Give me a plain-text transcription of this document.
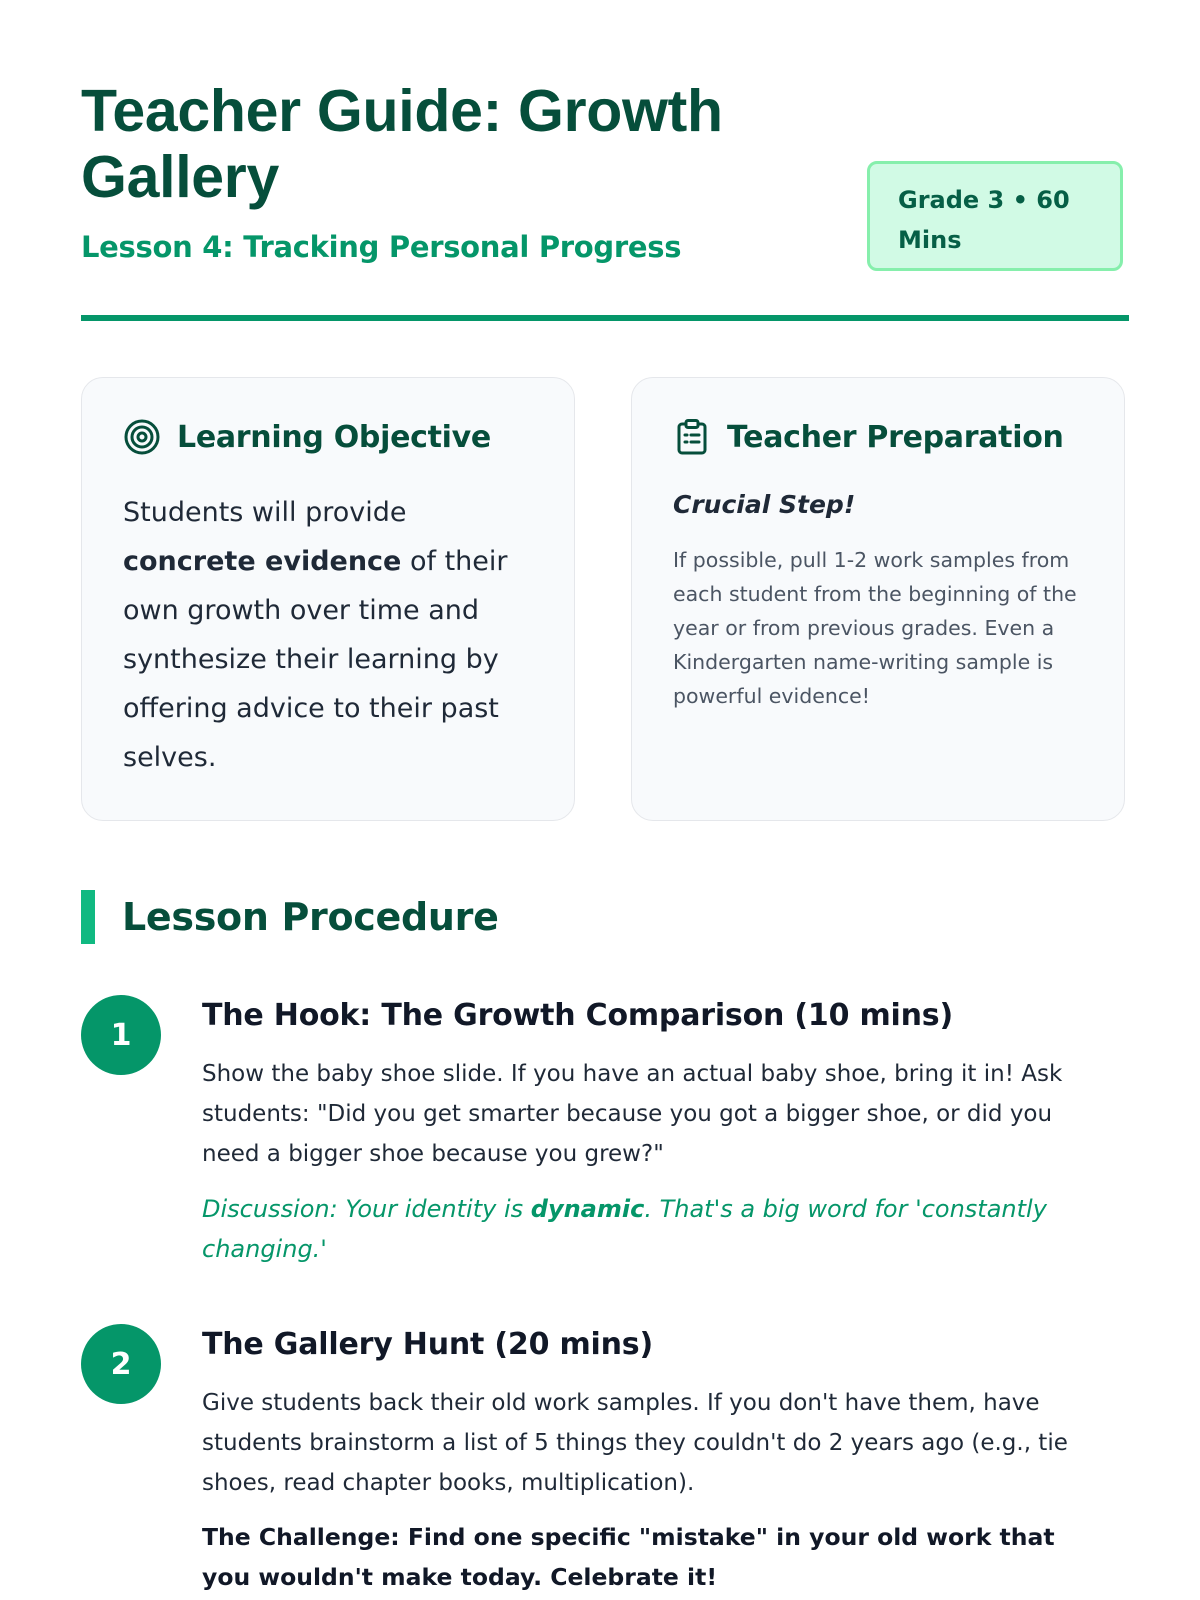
Teacher Guide: Growth Gallery
Lesson 4: Tracking Personal Progress
Grade 3 • 60 Mins
Learning Objective

Students will provide concrete evidence of their own growth over time and synthesize their learning by offering advice to their past selves.

Teacher Preparation

Crucial Step!

If possible, pull 1-2 work samples from each student from the beginning of the year or from previous grades. Even a Kindergarten name-writing sample is powerful evidence!

Lesson Procedure
1
The Hook: The Growth Comparison (10 mins)

Show the baby shoe slide. If you have an actual baby shoe, bring it in! Ask students: "Did you get smarter because you got a bigger shoe, or did you need a bigger shoe because you grew?"

Discussion: Your identity is dynamic. That's a big word for 'constantly changing.'

2
The Gallery Hunt (20 mins)

Give students back their old work samples. If you don't have them, have students brainstorm a list of 5 things they couldn't do 2 years ago (e.g., tie shoes, read chapter books, multiplication).

The Challenge: Find one specific "mistake" in your old work that you wouldn't make today. Celebrate it!
